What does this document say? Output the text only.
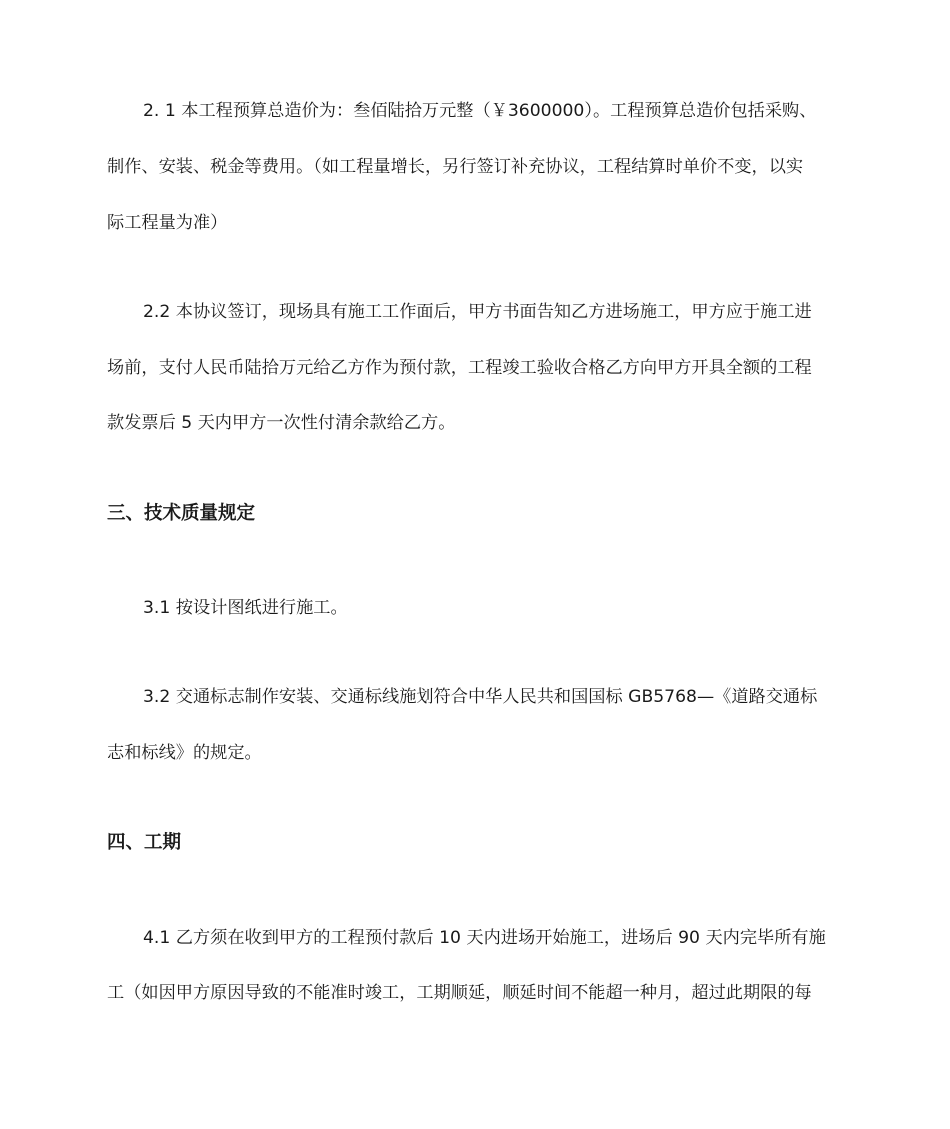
2. 1 本工程预算总造价为：叁佰陆拾万元整（￥3600000）。工程预算总造价包括采购、
制作、安装、税金等费用。（如工程量增长，另行签订补充协议，工程结算时单价不变，以实
际工程量为准）
2.2 本协议签订，现场具有施工工作面后，甲方书面告知乙方进场施工，甲方应于施工进
场前，支付人民币陆拾万元给乙方作为预付款，工程竣工验收合格乙方向甲方开具全额的工程
款发票后 5 天内甲方一次性付清余款给乙方。
三、技术质量规定
3.1 按设计图纸进行施工。
3.2 交通标志制作安装、交通标线施划符合中华人民共和国国标 GB5768—《道路交通标
志和标线》的规定。
四、工期
4.1 乙方须在收到甲方的工程预付款后 10 天内进场开始施工，进场后 90 天内完毕所有施
工（如因甲方原因导致的不能准时竣工，工期顺延，顺延时间不能超一种月，超过此期限的每
